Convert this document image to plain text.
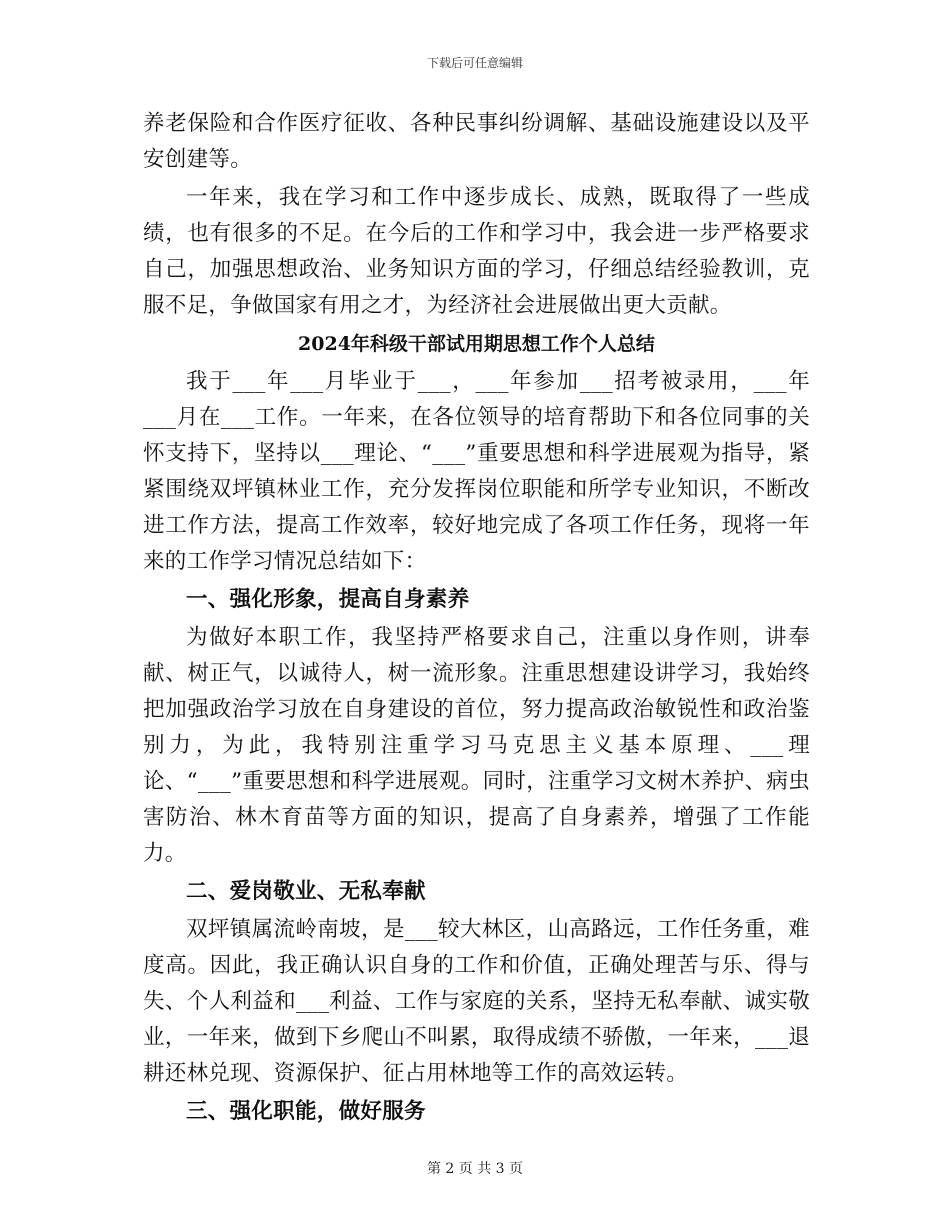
下载后可任意编辑

养老保险和合作医疗征收、各种民事纠纷调解、基础设施建设以及平安创建等。

一年来，我在学习和工作中逐步成长、成熟，既取得了一些成绩，也有很多的不足。在今后的工作和学习中，我会进一步严格要求自己，加强思想政治、业务知识方面的学习，仔细总结经验教训，克服不足，争做国家有用之才，为经济社会进展做出更大贡献。

2024年科级干部试用期思想工作个人总结

我于___年___月毕业于___，___年参加___招考被录用，___年___月在___工作。一年来，在各位领导的培育帮助下和各位同事的关怀支持下，坚持以___理论、“___”重要思想和科学进展观为指导，紧紧围绕双坪镇林业工作，充分发挥岗位职能和所学专业知识，不断改进工作方法，提高工作效率，较好地完成了各项工作任务，现将一年来的工作学习情况总结如下：

一、强化形象，提高自身素养

为做好本职工作，我坚持严格要求自己，注重以身作则，讲奉献、树正气，以诚待人，树一流形象。注重思想建设讲学习，我始终把加强政治学习放在自身建设的首位，努力提高政治敏锐性和政治鉴别力，为此，我特别注重学习马克思主义基本原理、___理论、“___”重要思想和科学进展观。同时，注重学习文树木养护、病虫害防治、林木育苗等方面的知识，提高了自身素养，增强了工作能力。

二、爱岗敬业、无私奉献

双坪镇属流岭南坡，是___较大林区，山高路远，工作任务重，难度高。因此，我正确认识自身的工作和价值，正确处理苦与乐、得与失、个人利益和___利益、工作与家庭的关系，坚持无私奉献、诚实敬业，一年来，做到下乡爬山不叫累，取得成绩不骄傲，一年来，___退耕还林兑现、资源保护、征占用林地等工作的高效运转。

三、强化职能，做好服务

第 2 页 共 3 页
